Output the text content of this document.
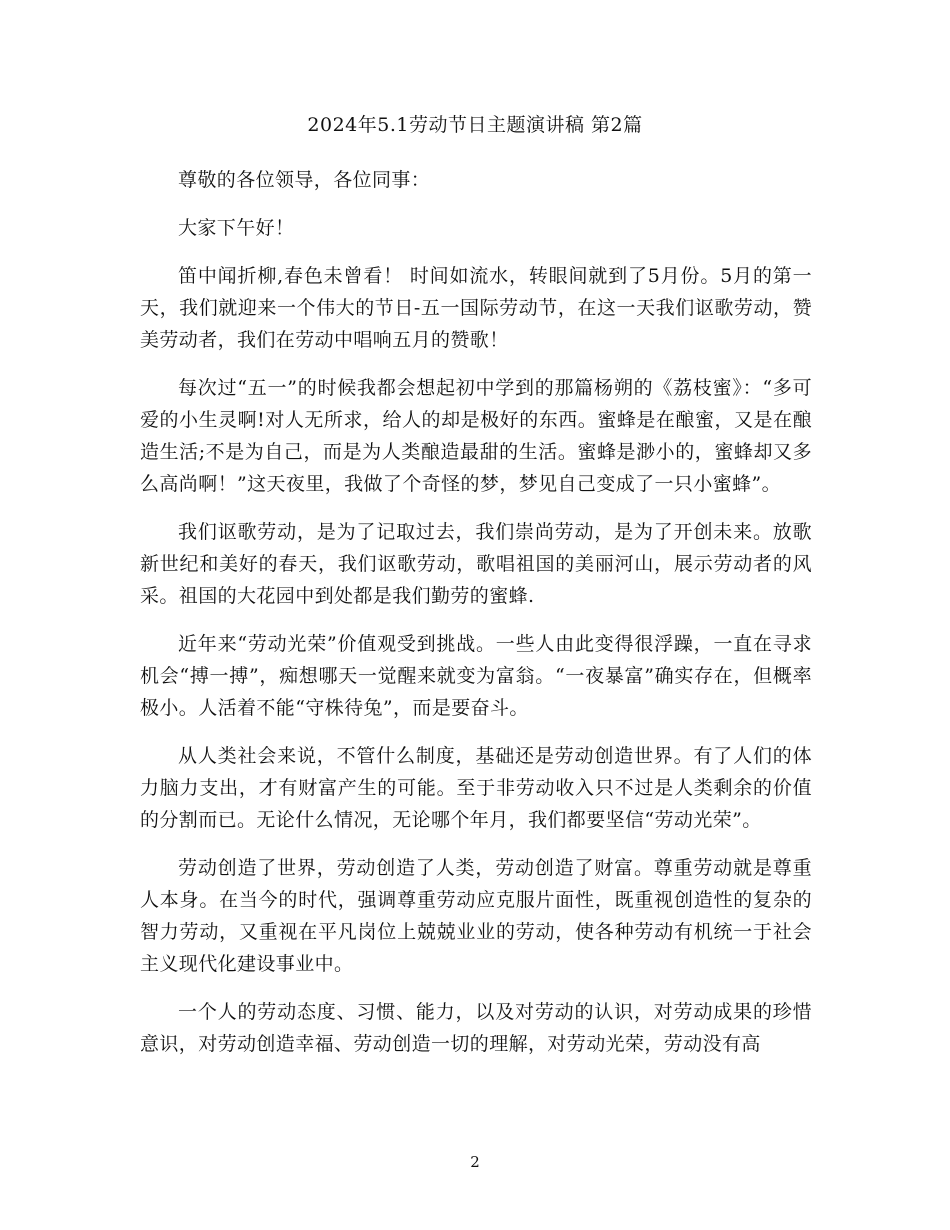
2024年5.1劳动节日主题演讲稿 第2篇

尊敬的各位领导，各位同事：

大家下午好！

笛中闻折柳,春色未曾看！ 时间如流水，转眼间就到了5月份。5月的第一天，我们就迎来一个伟大的节日-五一国际劳动节，在这一天我们讴歌劳动，赞美劳动者，我们在劳动中唱响五月的赞歌！

每次过“五一”的时候我都会想起初中学到的那篇杨朔的《荔枝蜜》：“多可爱的小生灵啊!对人无所求，给人的却是极好的东西。蜜蜂是在酿蜜，又是在酿造生活;不是为自己，而是为人类酿造最甜的生活。蜜蜂是渺小的，蜜蜂却又多么高尚啊！”这天夜里，我做了个奇怪的梦，梦见自己变成了一只小蜜蜂”。

我们讴歌劳动，是为了记取过去，我们崇尚劳动，是为了开创未来。放歌新世纪和美好的春天，我们讴歌劳动，歌唱祖国的美丽河山，展示劳动者的风采。祖国的大花园中到处都是我们勤劳的蜜蜂.

近年来“劳动光荣”价值观受到挑战。一些人由此变得很浮躁，一直在寻求机会“搏一搏”，痴想哪天一觉醒来就变为富翁。“一夜暴富”确实存在，但概率极小。人活着不能“守株待兔”，而是要奋斗。

从人类社会来说，不管什么制度，基础还是劳动创造世界。有了人们的体力脑力支出，才有财富产生的可能。至于非劳动收入只不过是人类剩余的价值的分割而已。无论什么情况，无论哪个年月，我们都要坚信“劳动光荣”。

劳动创造了世界，劳动创造了人类，劳动创造了财富。尊重劳动就是尊重人本身。在当今的时代，强调尊重劳动应克服片面性，既重视创造性的复杂的智力劳动，又重视在平凡岗位上兢兢业业的劳动，使各种劳动有机统一于社会主义现代化建设事业中。

一个人的劳动态度、习惯、能力，以及对劳动的认识，对劳动成果的珍惜意识，对劳动创造幸福、劳动创造一切的理解，对劳动光荣，劳动没有高

2
